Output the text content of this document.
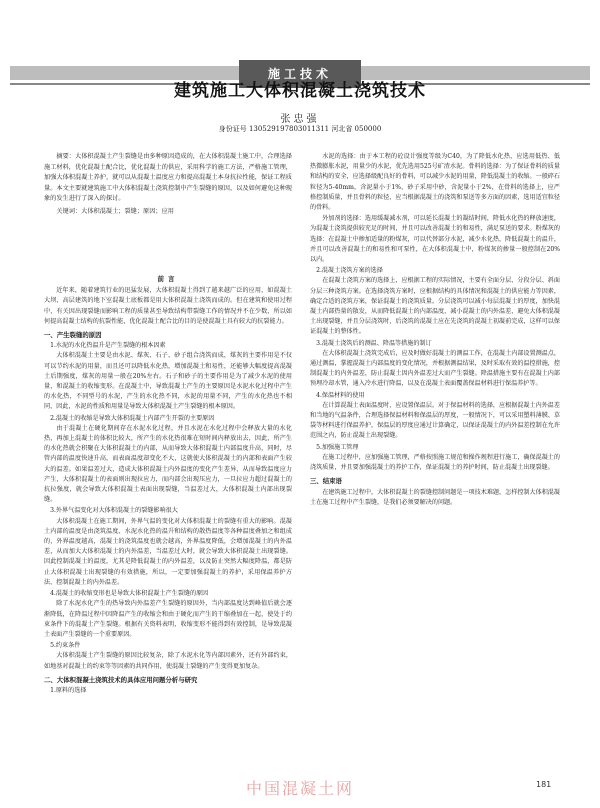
施工技术
建筑施工大体积混凝土浇筑技术
张忠强
身份证号 130529197803011311 河北省 050000

摘要：大体积混凝土产生裂缝是由多种原因造成的，在大体积混凝土施工中，合理选择施工材料，优化混凝土配合比，优化混凝土的供应，采用科学的施工方法，严格施工管理，加强大体积混凝土养护，就可以从混凝土温度应力和提高混凝土本身抗拉性能，保证工程质量。本文主要就建筑施工中大体积混凝土浇筑控制中产生裂缝的原因，以及如何避免这种现象的发生进行了深入的探讨。

关键词：大体积混凝土；裂缝；原因；应用

前言

近年来，随着建筑行业的迅猛发展，大体积混凝土得到了越来越广泛的应用，如混凝土大坝、高层建筑的地下室混凝土底板都是用大体积混凝土浇筑而成的。但在建筑和使用过程中，有关因出现裂缝而影响工程的质量甚至导致结构带裂缝工作的情况并不在少数，所以如何提高混凝土结构的抗裂性能，优化混凝土配合比的目的是使混凝土具有较大的抗裂能力。

一、产生裂缝的原因
1.水泥的水化热温升是产生裂缝的根本因素

大体积混凝土主要是由水泥、煤灰、石子、砂子组合浇筑而成，煤灰的主要作用是不仅可以节约水泥的用量，而且还可以降低水化热，增加混凝土和易性，还能够大幅度提高混凝土后期强度，煤灰的用量一般在20%左右。石子和砂子的主要作用是为了减少水泥的使用量，和混凝土的收缩变形。在混凝土中，导致混凝土产生的主要原因是水泥水化过程中产生的水化热，不同型号的水泥，产生的水化热不同，水泥的用量不同，产生的水化热也不相同，因此，水泥的性质和用量是导致大体积混凝土产生裂缝的根本原因。

2.混凝土的收缩是导致大体积混凝土内部产生开裂的主要原因

由于混凝土在硬化期间存在水泥水化过程，并且水泥在水化过程中会释放大量的水化热，再加上混凝土的体积比较大，所产生的水化热很难在短时间内释放出去，因此，所产生的水化热就会积聚在大体积混凝土的内部，从而导致大体积混凝土内部温度升高，同时，尽管内部的温度快速升高，而表面温度却变化不大，这就使大体积混凝土的内部和表面产生较大的温差。如果温差过大，造成大体积混凝土内外温度的变化产生差异，从而导致温度应力产生，大体积混凝土的表面则出现拉应力，而内部会出现压应力，一旦拉应力超过混凝土的抗拉强度，就会导致大体积混凝土表面出现裂缝，当温差过大，大体积混凝土内部出现裂缝。

3.外界气温变化对大体积混凝土的裂缝影响很大

大体积混凝土在施工期间，外界气温的变化对大体积混凝土的裂缝有重大的影响。混凝土内部的温度是由浇筑温度、水泥水化热的温升和结构的散热温度等各种温度叠加之和组成的，外界温度越高，混凝土的浇筑温度也就会越高，外界温度降低，会增加混凝土的内外温差，从而加大大体积混凝土的内外温差，当温差过大时，就会导致大体积混凝土出现裂缝。因此控制混凝土的温度，尤其是降低混凝土的内外温差，以及防止突然大幅度降温，都是防止大体积混凝土出现裂缝的有效措施，所以，一定要加强混凝土的养护，采用保温养护方法，控制混凝土的内外温差。

4.混凝土的收缩变形也是导致大体积混凝土产生裂缝的原因

除了水泥水化产生的热导致内外温差产生裂缝的原因外，当内部温度达到峰值后就会逐渐降低，在降温过程中因降温产生的收缩会和由于硬化而产生的干缩叠加在一起，使处于约束条件下的混凝土产生裂缝。根据有关资料表明，收缩变形不能得到有效控制，是导致混凝土表面产生裂缝的一个重要原因。

5.约束条件

大体积混凝土产生裂缝的原因比较复杂，除了水泥水化等内部因素外，还有外部约束，如地基对混凝土的约束等等因素的共同作用，使混凝土裂缝的产生变得更加复杂。

二、大体积混凝土浇筑技术的具体应用问题分析与研究
1.原料的选择

水泥的选择：由于本工程的砼设计强度等级为C40，为了降低水化热，应选用低热、低热微膨胀水泥，用量少的水泥，优先选用525号矿渣水泥。骨料的选择：为了保证骨料的质量和结构的安全，应选择级配良好的骨料，可以减少水泥的用量，降低混凝土的收缩。一般碎石粒径为5-40mm，含泥量小于1%，砂子采用中砂，含泥量小于2%，在骨料的选择上，应严格控制质量，并且骨料的粒径，应当根据混凝土的浇筑和泵送等多方面的因素，选用适宜粒径的骨料。

外加剂的选择：选用缓凝减水剂，可以延长混凝土的凝结时间，降低水化热的释放速度，为混凝土浇筑提供较充足的时间，并且可以改善混凝土的和易性，满足泵送的要求。粉煤灰的选择：在混凝土中掺加适量的粉煤灰，可以代替部分水泥，减少水化热，降低混凝土的温升，并且可以改善混凝土的和易性和可泵性，在大体积混凝土中，粉煤灰的掺量一般控制在20%以内。

2.混凝土浇筑方案的选择

在混凝土浇筑方案的选择上，应根据工程的实际情况，主要有全面分层、分段分层、斜面分层三种浇筑方案。在选择浇筑方案时，应根据结构的具体情况和混凝土的供应能力等因素，确定合适的浇筑方案，保证混凝土的浇筑质量。分层浇筑可以减小每层混凝土的厚度，加快混凝土内部热量的散发，从而降低混凝土的内部温度，减小混凝土的内外温差，避免大体积混凝土出现裂缝，并且分层浇筑时，后浇筑的混凝土应在先浇筑的混凝土初凝前完成，这样可以保证混凝土的整体性。

3.混凝土浇筑后的测温、降温等措施的制订

在大体积混凝土浇筑完成后，应及时做好混凝土的测温工作，在混凝土内部设置测温点，通过测温，掌握混凝土内部温度的变化情况，并根据测温结果，及时采取有效的温控措施，控制混凝土的内外温差，防止混凝土因内外温差过大而产生裂缝。降温措施主要有在混凝土内部预埋冷却水管，通入冷水进行降温，以及在混凝土表面覆盖保温材料进行保温养护等。

4.保温材料的使用

在计算混凝土表面温度时，应设置保温层。对于保温材料的选择，应根据混凝土内外温差和当地的气温条件，合理选择保温材料和保温层的厚度，一般情况下，可以采用塑料薄膜、草袋等材料进行保温养护，保温层的厚度应通过计算确定，以保证混凝土的内外温差控制在允许范围之内，防止混凝土出现裂缝。

5.加强施工管理

在施工过程中，应加强施工管理，严格按照施工规范和操作规程进行施工，确保混凝土的浇筑质量，并且要加强混凝土的养护工作，保证混凝土的养护时间，防止混凝土出现裂缝。

三、结束语

在建筑施工过程中，大体积混凝土的裂缝控制问题是一项技术难题，怎样控制大体积混凝土在施工过程中产生裂缝，是我们必须要解决的问题。

中国混凝土网	181
